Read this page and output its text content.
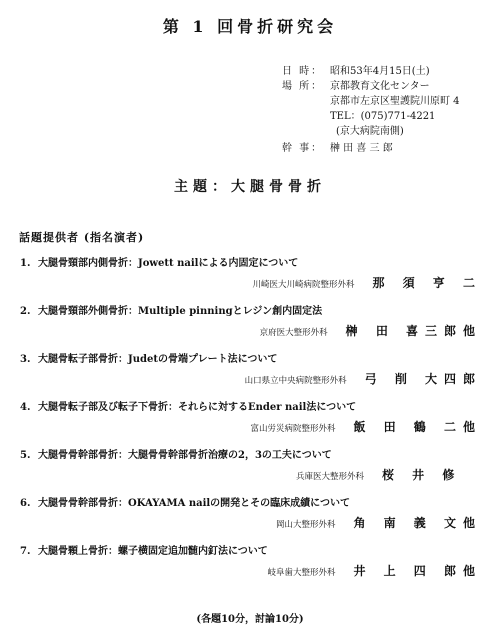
第 1 回骨折研究会
日 時： 昭和53年4月15日(土)
場 所： 京都教育文化センター
京都市左京区聖護院川原町 4
TEL：(075)771-4221
(京大病院南側)
幹 事： 榊 田 喜 三 郎
主題：大腿骨骨折
話題提供者 (指名演者)
1. 大腿骨頸部内側骨折：Jowett nailによる内固定について
川崎医大川崎病院整形外科 那 須 亨 二
2. 大腿骨頸部外側骨折：Multiple pinningとレジン創内固定法
京府医大整形外科 榊 田 喜三郎他
3. 大腿骨転子部骨折：Judetの骨端プレート法について
山口県立中央病院整形外科 弓 削 大四郎
4. 大腿骨転子部及び転子下骨折：それらに対するEnder nail法について
富山労災病院整形外科 飯 田 鶴 二他
5. 大腿骨骨幹部骨折：大腿骨骨幹部骨折治療の2，3の工夫について
兵庫医大整形外科 桜 井 修
6. 大腿骨骨幹部骨折：OKAYAMA nailの開発とその臨床成績について
岡山大整形外科 角 南 義 文他
7. 大腿骨顆上骨折：螺子横固定追加髄内釘法について
岐阜歯大整形外科 井 上 四 郎他
(各題10分，討論10分)
